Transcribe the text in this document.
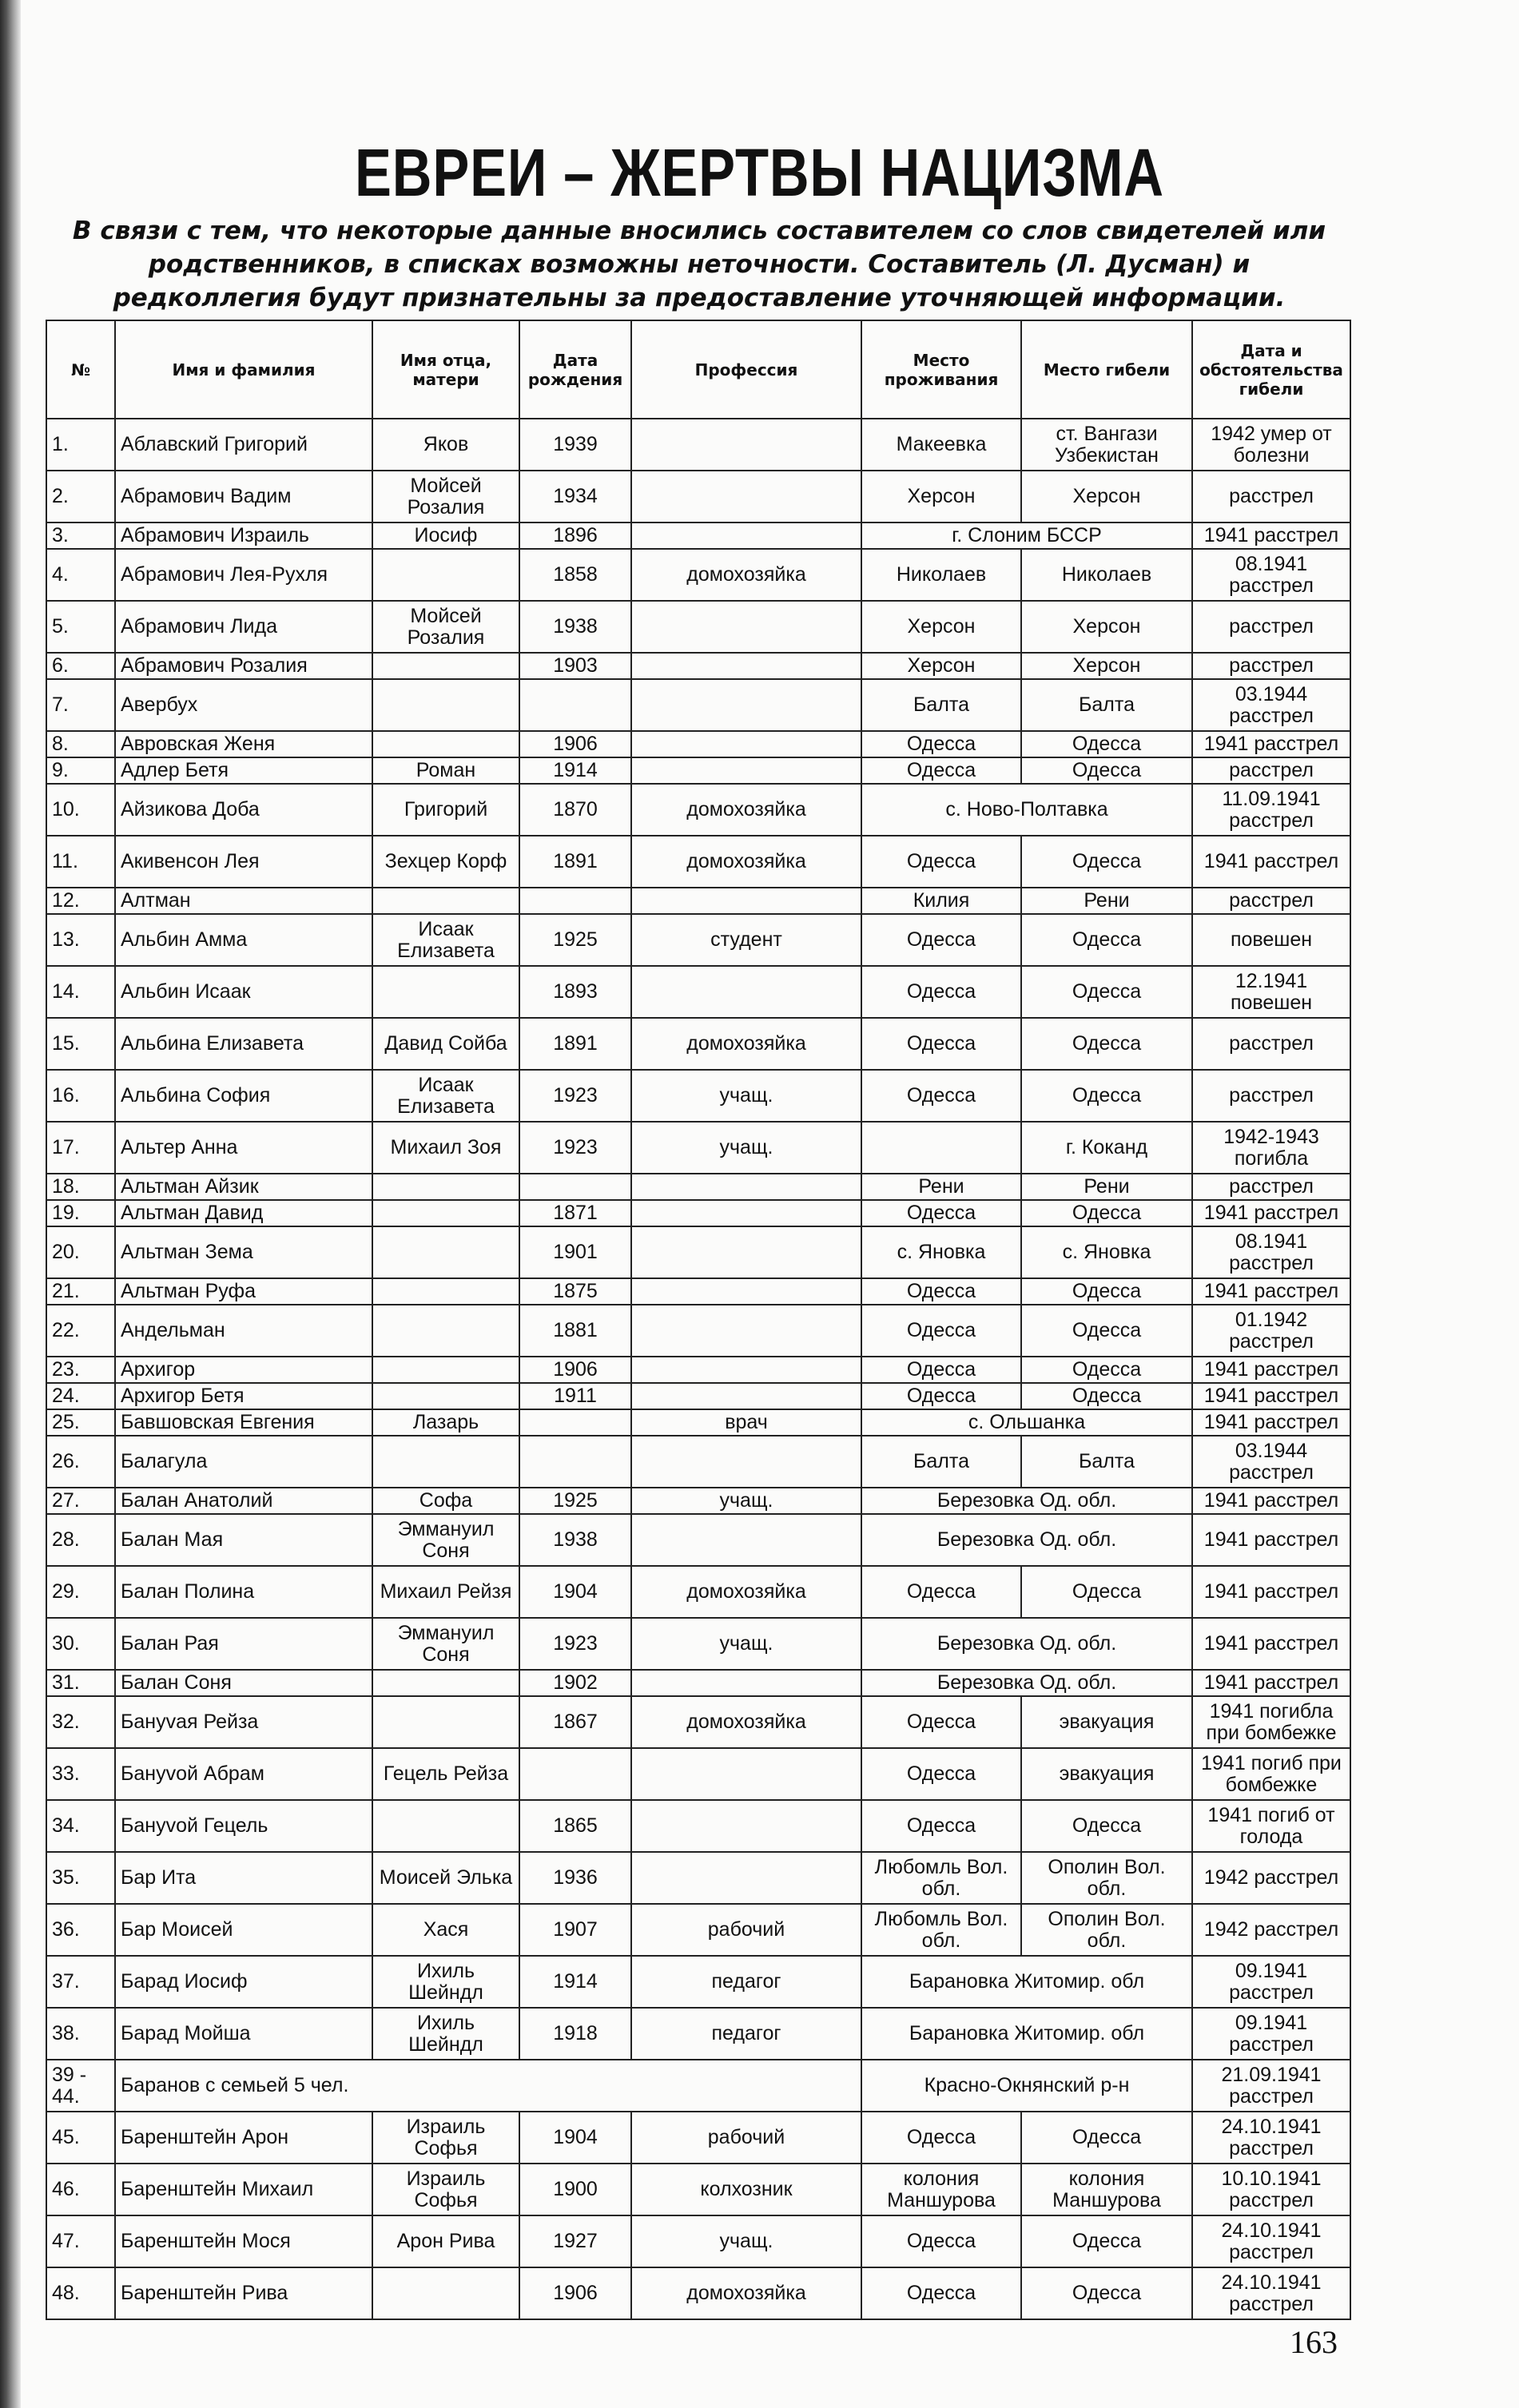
ЕВРЕИ – ЖЕРТВЫ НАЦИЗМА
В связи с тем, что некоторые данные вносились составителем со слов свидетелей или родственников, в списках возможны неточности. Составитель (Л. Дусман) и редколлегия будут признательны за предоставление уточняющей информации.
№	Имя и фамилия	Имя отца, матери	Дата рождения	Профессия	Место проживания	Место гибели	Дата и обстоятельства гибели
1.	Аблавский Григорий	Яков	1939		Макеевка	ст. Вангази Узбекистан	1942 умер от болезни
2.	Абрамович Вадим	Мойсей Розалия	1934		Херсон	Херсон	расстрел
3.	Абрамович Израиль	Иосиф	1896		г. Слоним БССР		1941 расстрел
4.	Абрамович Лея-Рухля		1858	домохозяйка	Николаев	Николаев	08.1941 расстрел
5.	Абрамович Лида	Мойсей Розалия	1938		Херсон	Херсон	расстрел
6.	Абрамович Розалия		1903		Херсон	Херсон	расстрел
7.	Авербух				Балта	Балта	03.1944 расстрел
8.	Авровская Женя		1906		Одесса	Одесса	1941 расстрел
9.	Адлер Бетя	Роман	1914		Одесса	Одесса	расстрел
10.	Айзикова Доба	Григорий	1870	домохозяйка	с. Ново-Полтавка		11.09.1941 расстрел
11.	Акивенсон Лея	Зехцер Корф	1891	домохозяйка	Одесса	Одесса	1941 расстрел
12.	Алтман				Килия	Рени	расстрел
13.	Альбин Амма	Исаак Елизавета	1925	студент	Одесса	Одесса	повешен
14.	Альбин Исаак		1893		Одесса	Одесса	12.1941 повешен
15.	Альбина Елизавета	Давид Сойба	1891	домохозяйка	Одесса	Одесса	расстрел
16.	Альбина София	Исаак Елизавета	1923	учащ.	Одесса	Одесса	расстрел
17.	Альтер Анна	Михаил Зоя	1923	учащ.		г. Коканд	1942-1943 погибла
18.	Альтман Айзик				Рени	Рени	расстрел
19.	Альтман Давид		1871		Одесса	Одесса	1941 расстрел
20.	Альтман Зема		1901		с. Яновка	с. Яновка	08.1941 расстрел
21.	Альтман Руфа		1875		Одесса	Одесса	1941 расстрел
22.	Андельман		1881		Одесса	Одесса	01.1942 расстрел
23.	Архигор		1906		Одесса	Одесса	1941 расстрел
24.	Архигор Бетя		1911		Одесса	Одесса	1941 расстрел
25.	Бавшовская Евгения	Лазарь		врач	с. Ольшанка		1941 расстрел
26.	Балагула				Балта	Балта	03.1944 расстрел
27.	Балан Анатолий	Софа	1925	учащ.	Березовка Од. обл.		1941 расстрел
28.	Балан Мая	Эммануил Соня	1938		Березовка Од. обл.		1941 расстрел
29.	Балан Полина	Михаил Рейзя	1904	домохозяйка	Одесса	Одесса	1941 расстрел
30.	Балан Рая	Эммануил Соня	1923	учащ.	Березовка Од. обл.		1941 расстрел
31.	Балан Соня		1902		Березовка Од. обл.		1941 расстрел
32.	Бануvая Рейза		1867	домохозяйка	Одесса	эвакуация	1941 погибла при бомбежке
33.	Бануvой Абрам	Гецель Рейза			Одесса	эвакуация	1941 погиб при бомбежке
34.	Бануvой Гецель		1865		Одесса	Одесса	1941 погиб от голода
35.	Бар Ита	Моисей Элька	1936		Любомль Вол. обл.	Ополин Вол. обл.	1942 расстрел
36.	Бар Моисей	Хася	1907	рабочий	Любомль Вол. обл.	Ополин Вол. обл.	1942 расстрел
37.	Барад Иосиф	Ихиль Шейндл	1914	педагог	Барановка Житомир. обл		09.1941 расстрел
38.	Барад Мойша	Ихиль Шейндл	1918	педагог	Барановка Житомир. обл		09.1941 расстрел
39 - 44.	Баранов с семьей 5 чел.				Красно-Окнянский р-н		21.09.1941 расстрел
45.	Баренштейн Арон	Израиль Софья	1904	рабочий	Одесса	Одесса	24.10.1941 расстрел
46.	Баренштейн Михаил	Израиль Софья	1900	колхозник	колония Маншурова	колония Маншурова	10.10.1941 расстрел
47.	Баренштейн Мося	Арон Рива	1927	учащ.	Одесса	Одесса	24.10.1941 расстрел
48.	Баренштейн Рива		1906	домохозяйка	Одесса	Одесса	24.10.1941 расстрел
163
